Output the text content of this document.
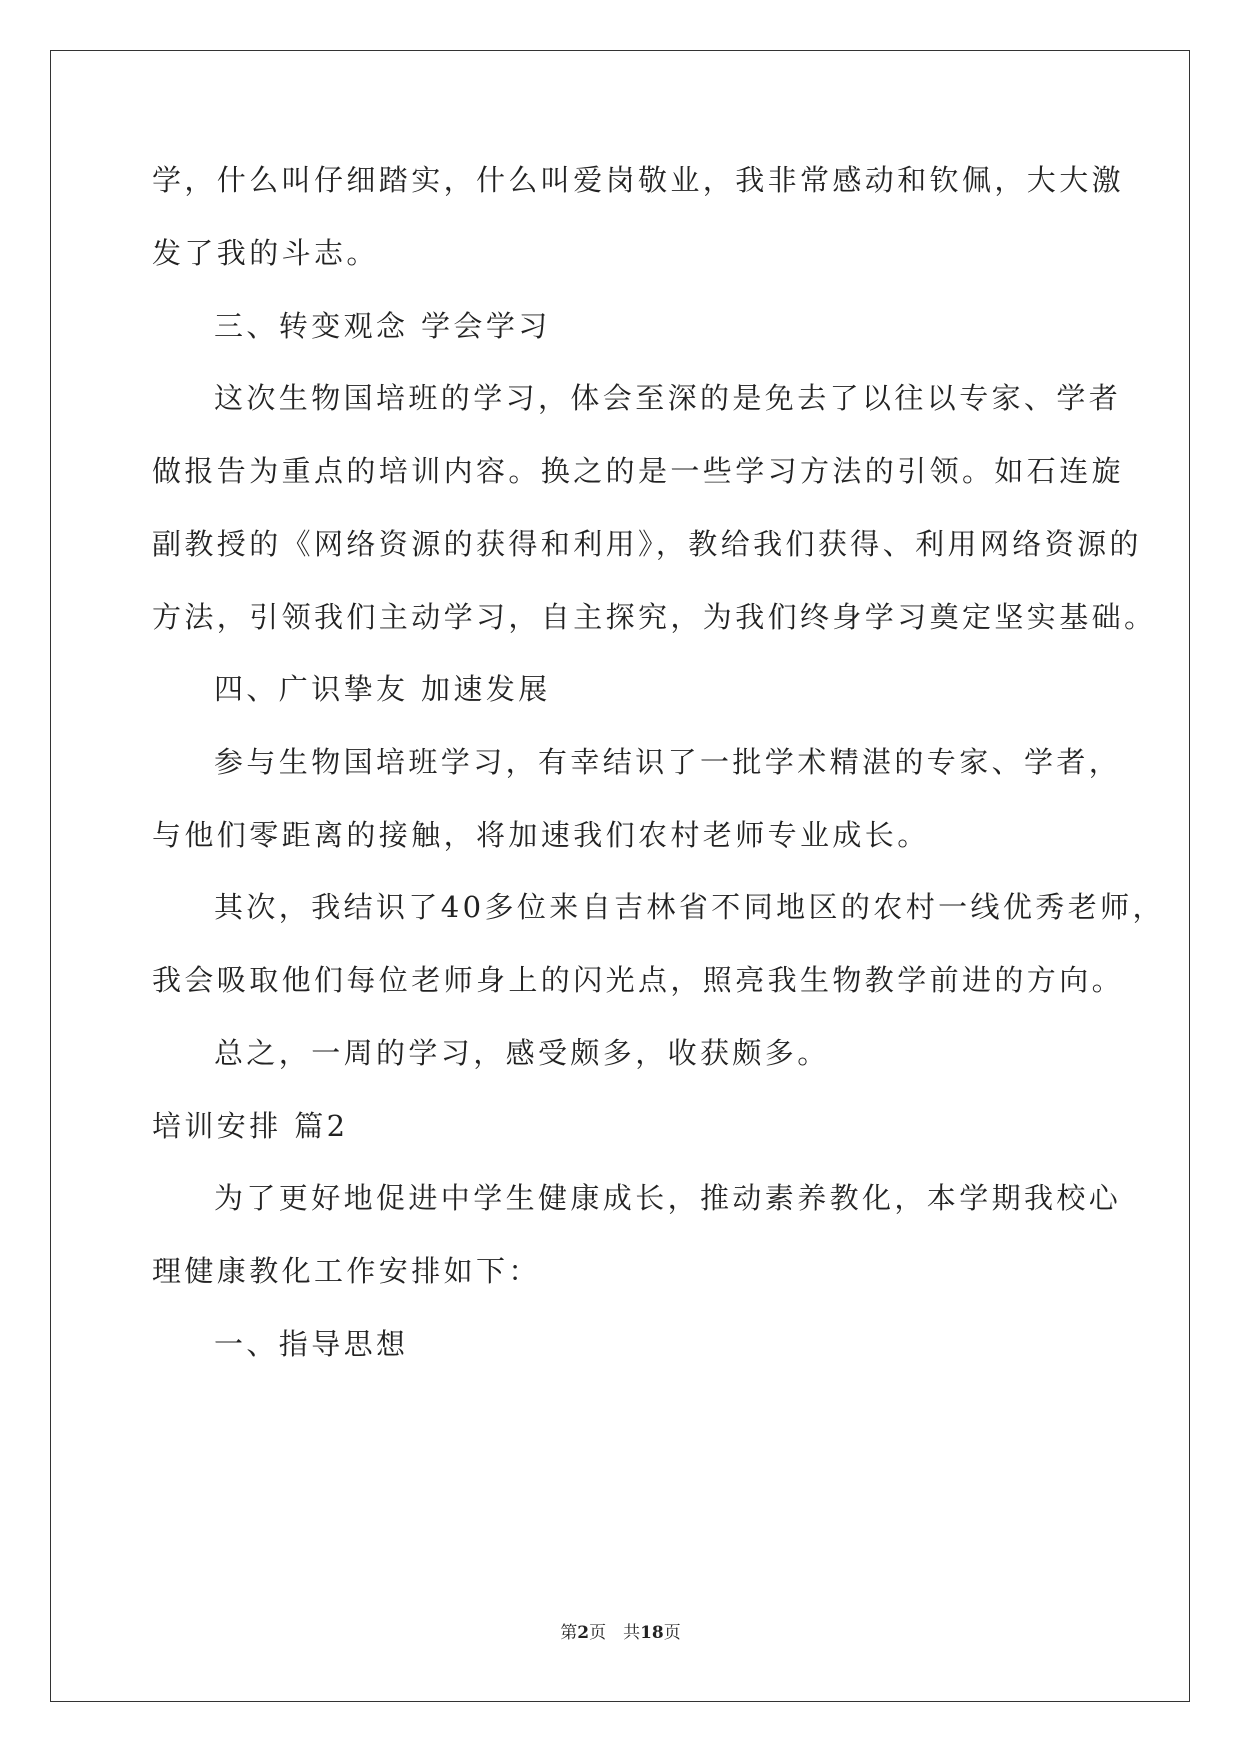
学，什么叫仔细踏实，什么叫爱岗敬业，我非常感动和钦佩，大大激
发了我的斗志。
三、转变观念 学会学习
这次生物国培班的学习，体会至深的是免去了以往以专家、学者
做报告为重点的培训内容。换之的是一些学习方法的引领。如石连旋
副教授的《网络资源的获得和利用》，教给我们获得、利用网络资源的
方法，引领我们主动学习，自主探究，为我们终身学习奠定坚实基础。
四、广识挚友 加速发展
参与生物国培班学习，有幸结识了一批学术精湛的专家、学者，
与他们零距离的接触，将加速我们农村老师专业成长。
其次，我结识了40多位来自吉林省不同地区的农村一线优秀老师，
我会吸取他们每位老师身上的闪光点，照亮我生物教学前进的方向。
总之，一周的学习，感受颇多，收获颇多。
培训安排 篇2
为了更好地促进中学生健康成长，推动素养教化，本学期我校心
理健康教化工作安排如下：
一、指导思想
第2页　共18页
